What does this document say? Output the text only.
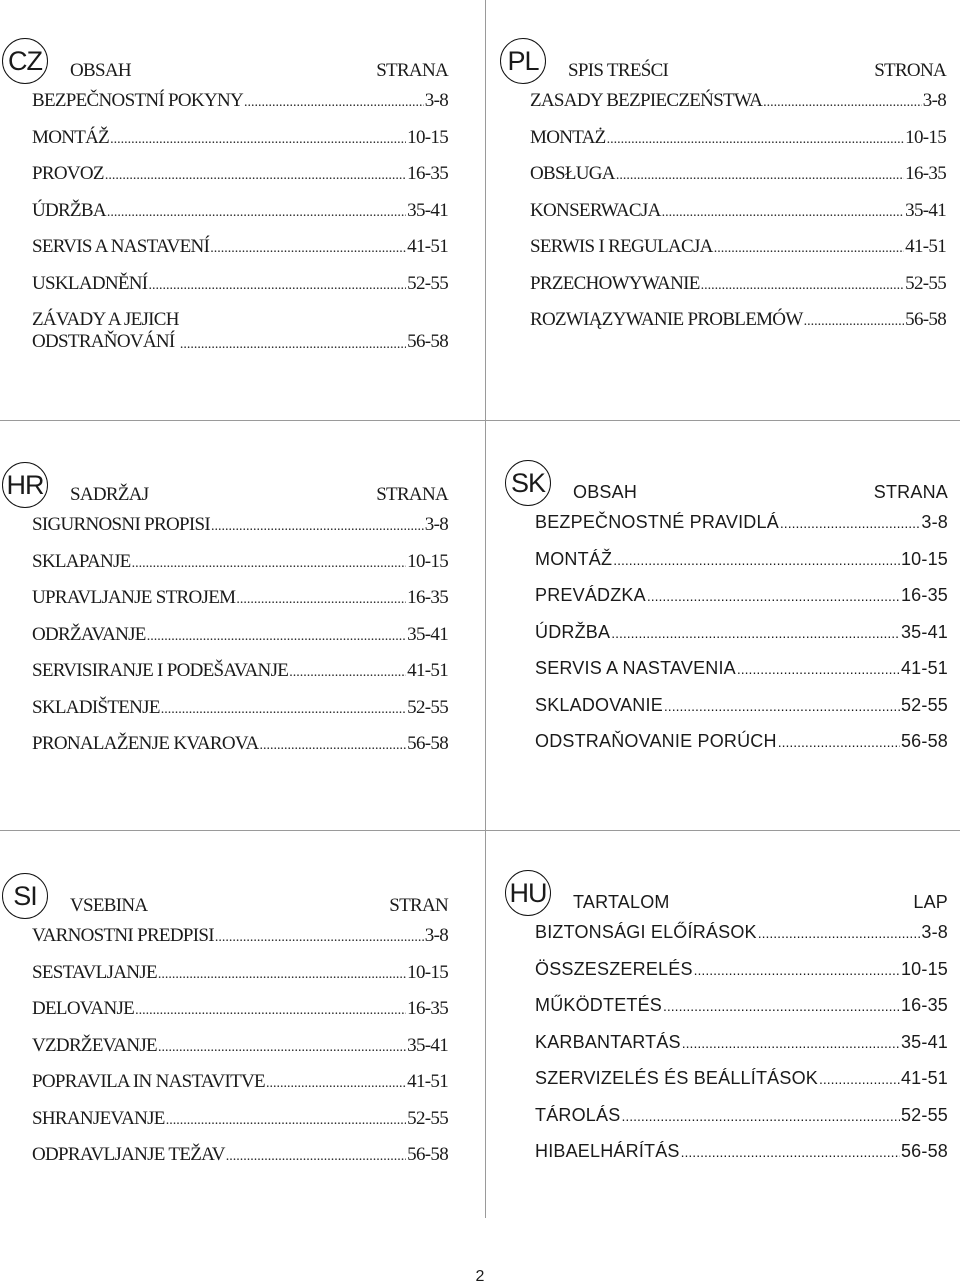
CZ	OBSAH	STRANA
BEZPEČNOSTNÍ POKYNY .....	3-8
MONTÁŽ .....	10-15
PROVOZ .....	16-35
ÚDRŽBA .....	35-41
SERVIS A NASTAVENÍ .....	41-51
USKLADNĚNÍ .....	52-55
ZÁVADY A JEJICH
ODSTRAŇOVÁNÍ .....	56-58
PL	SPIS TREŚCI	STRONA
ZASADY BEZPIECZEŃSTWA .....	3-8
MONTAŻ .....	10-15
OBSŁUGA .....	16-35
KONSERWACJA .....	35-41
SERWIS I REGULACJA .....	41-51
PRZECHOWYWANIE .....	52-55
ROZWIĄZYWANIE PROBLEMÓW .....	56-58
HR	SADRŽAJ	STRANA
SIGURNOSNI PROPISI .....	3-8
SKLAPANJE .....	10-15
UPRAVLJANJE STROJEM .....	16-35
ODRŽAVANJE .....	35-41
SERVISIRANJE I PODEŠAVANJE .....	41-51
SKLADIŠTENJE .....	52-55
PRONALAŽENJE KVAROVA .....	56-58
SK	OBSAH	STRANA
BEZPEČNOSTNÉ PRAVIDLÁ .....	3-8
MONTÁŽ .....	10-15
PREVÁDZKA .....	16-35
ÚDRŽBA .....	35-41
SERVIS A NASTAVENIA .....	41-51
SKLADOVANIE .....	52-55
ODSTRAŇOVANIE PORÚCH .....	56-58
SI	VSEBINA	STRAN
VARNOSTNI PREDPISI .....	3-8
SESTAVLJANJE .....	10-15
DELOVANJE .....	16-35
VZDRŽEVANJE .....	35-41
POPRAVILA IN NASTAVITVE .....	41-51
SHRANJEVANJE .....	52-55
ODPRAVLJANJE TEŽAV .....	56-58
HU	TARTALOM	LAP
BIZTONSÁGI ELŐÍRÁSOK .....	3-8
ÖSSZESZERELÉS .....	10-15
MŰKÖDTETÉS .....	16-35
KARBANTARTÁS .....	35-41
SZERVIZELÉS ÉS BEÁLLÍTÁSOK .....	41-51
TÁROLÁS .....	52-55
HIBAELHÁRÍTÁS .....	56-58
2
